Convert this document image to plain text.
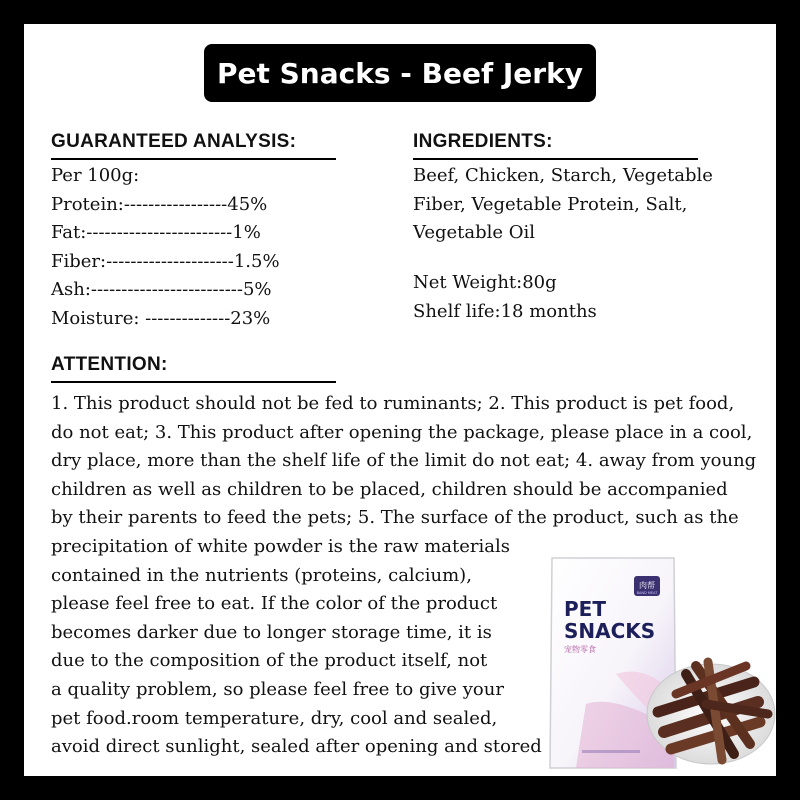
Pet Snacks - Beef Jerky
GUARANTEED ANALYSIS:
Per 100g:
Protein:-----------------45%
Fat:------------------------1%
Fiber:---------------------1.5%
Ash:-------------------------5%
Moisture: --------------23%
INGREDIENTS:
Beef, Chicken, Starch, Vegetable
Fiber, Vegetable Protein, Salt,
Vegetable Oil
Net Weight:80g
Shelf life:18 months
ATTENTION:
1. This product should not be fed to ruminants; 2. This product is pet food,
do not eat; 3. This product after opening the package, please place in a cool,
dry place, more than the shelf life of the limit do not eat; 4. away from young
children as well as children to be placed, children should be accompanied
by their parents to feed the pets; 5. The surface of the product, such as the
precipitation of white powder is the raw materials
contained in the nutrients (proteins, calcium),
please feel free to eat. If the color of the product
becomes darker due to longer storage time, it is
due to the composition of the product itself, not
a quality problem, so please feel free to give your
pet food.room temperature, dry, cool and sealed,
avoid direct sunlight, sealed after opening and stored
肉帮
BAND MEAT
PET
SNACKS
宠物零食
